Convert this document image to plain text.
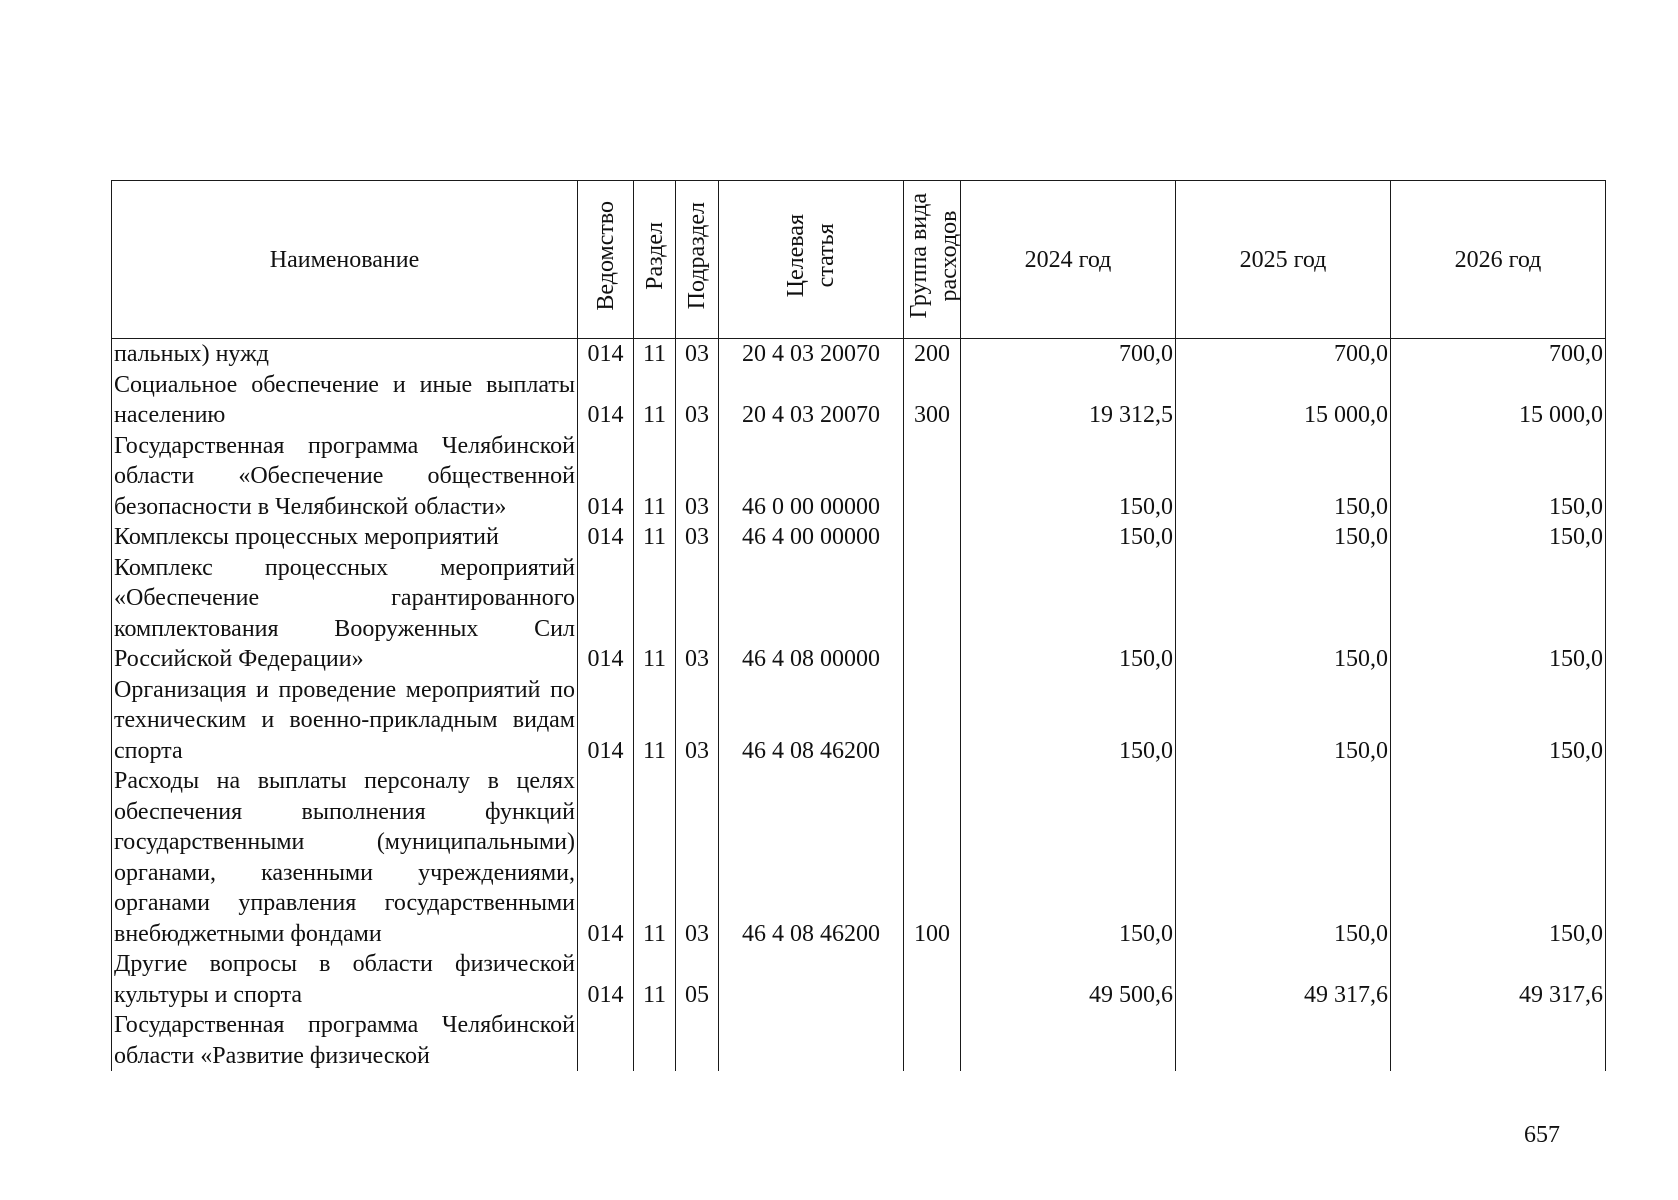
Наименование	Ведомство	Раздел	Подраздел	Целевая статья	Группа вида расходов	2024 год	2025 год	2026 год
пальных) нужд	014	11	03	20 4 03 20070	200	700,0	700,0	700,0
Социальное обеспечение и иные выплаты населению	014	11	03	20 4 03 20070	300	19 312,5	15 000,0	15 000,0
Государственная программа Челябинской области «Обеспечение общественной безопасности в Челябинской области»	014	11	03	46 0 00 00000		150,0	150,0	150,0
Комплексы процессных мероприятий	014	11	03	46 4 00 00000		150,0	150,0	150,0
Комплекс процессных мероприятий «Обеспечение гарантированного комплектования Вооруженных Сил Российской Федерации»	014	11	03	46 4 08 00000		150,0	150,0	150,0
Организация и проведение мероприятий по техническим и военно-прикладным видам спорта	014	11	03	46 4 08 46200		150,0	150,0	150,0
Расходы на выплаты персоналу в целях обеспечения выполнения функций государственными (муниципальными) органами, казенными учреждениями, органами управления государственными внебюджетными фондами	014	11	03	46 4 08 46200	100	150,0	150,0	150,0
Другие вопросы в области физической культуры и спорта	014	11	05			49 500,6	49 317,6	49 317,6
Государственная программа Челябинской области «Развитие физической								
657
